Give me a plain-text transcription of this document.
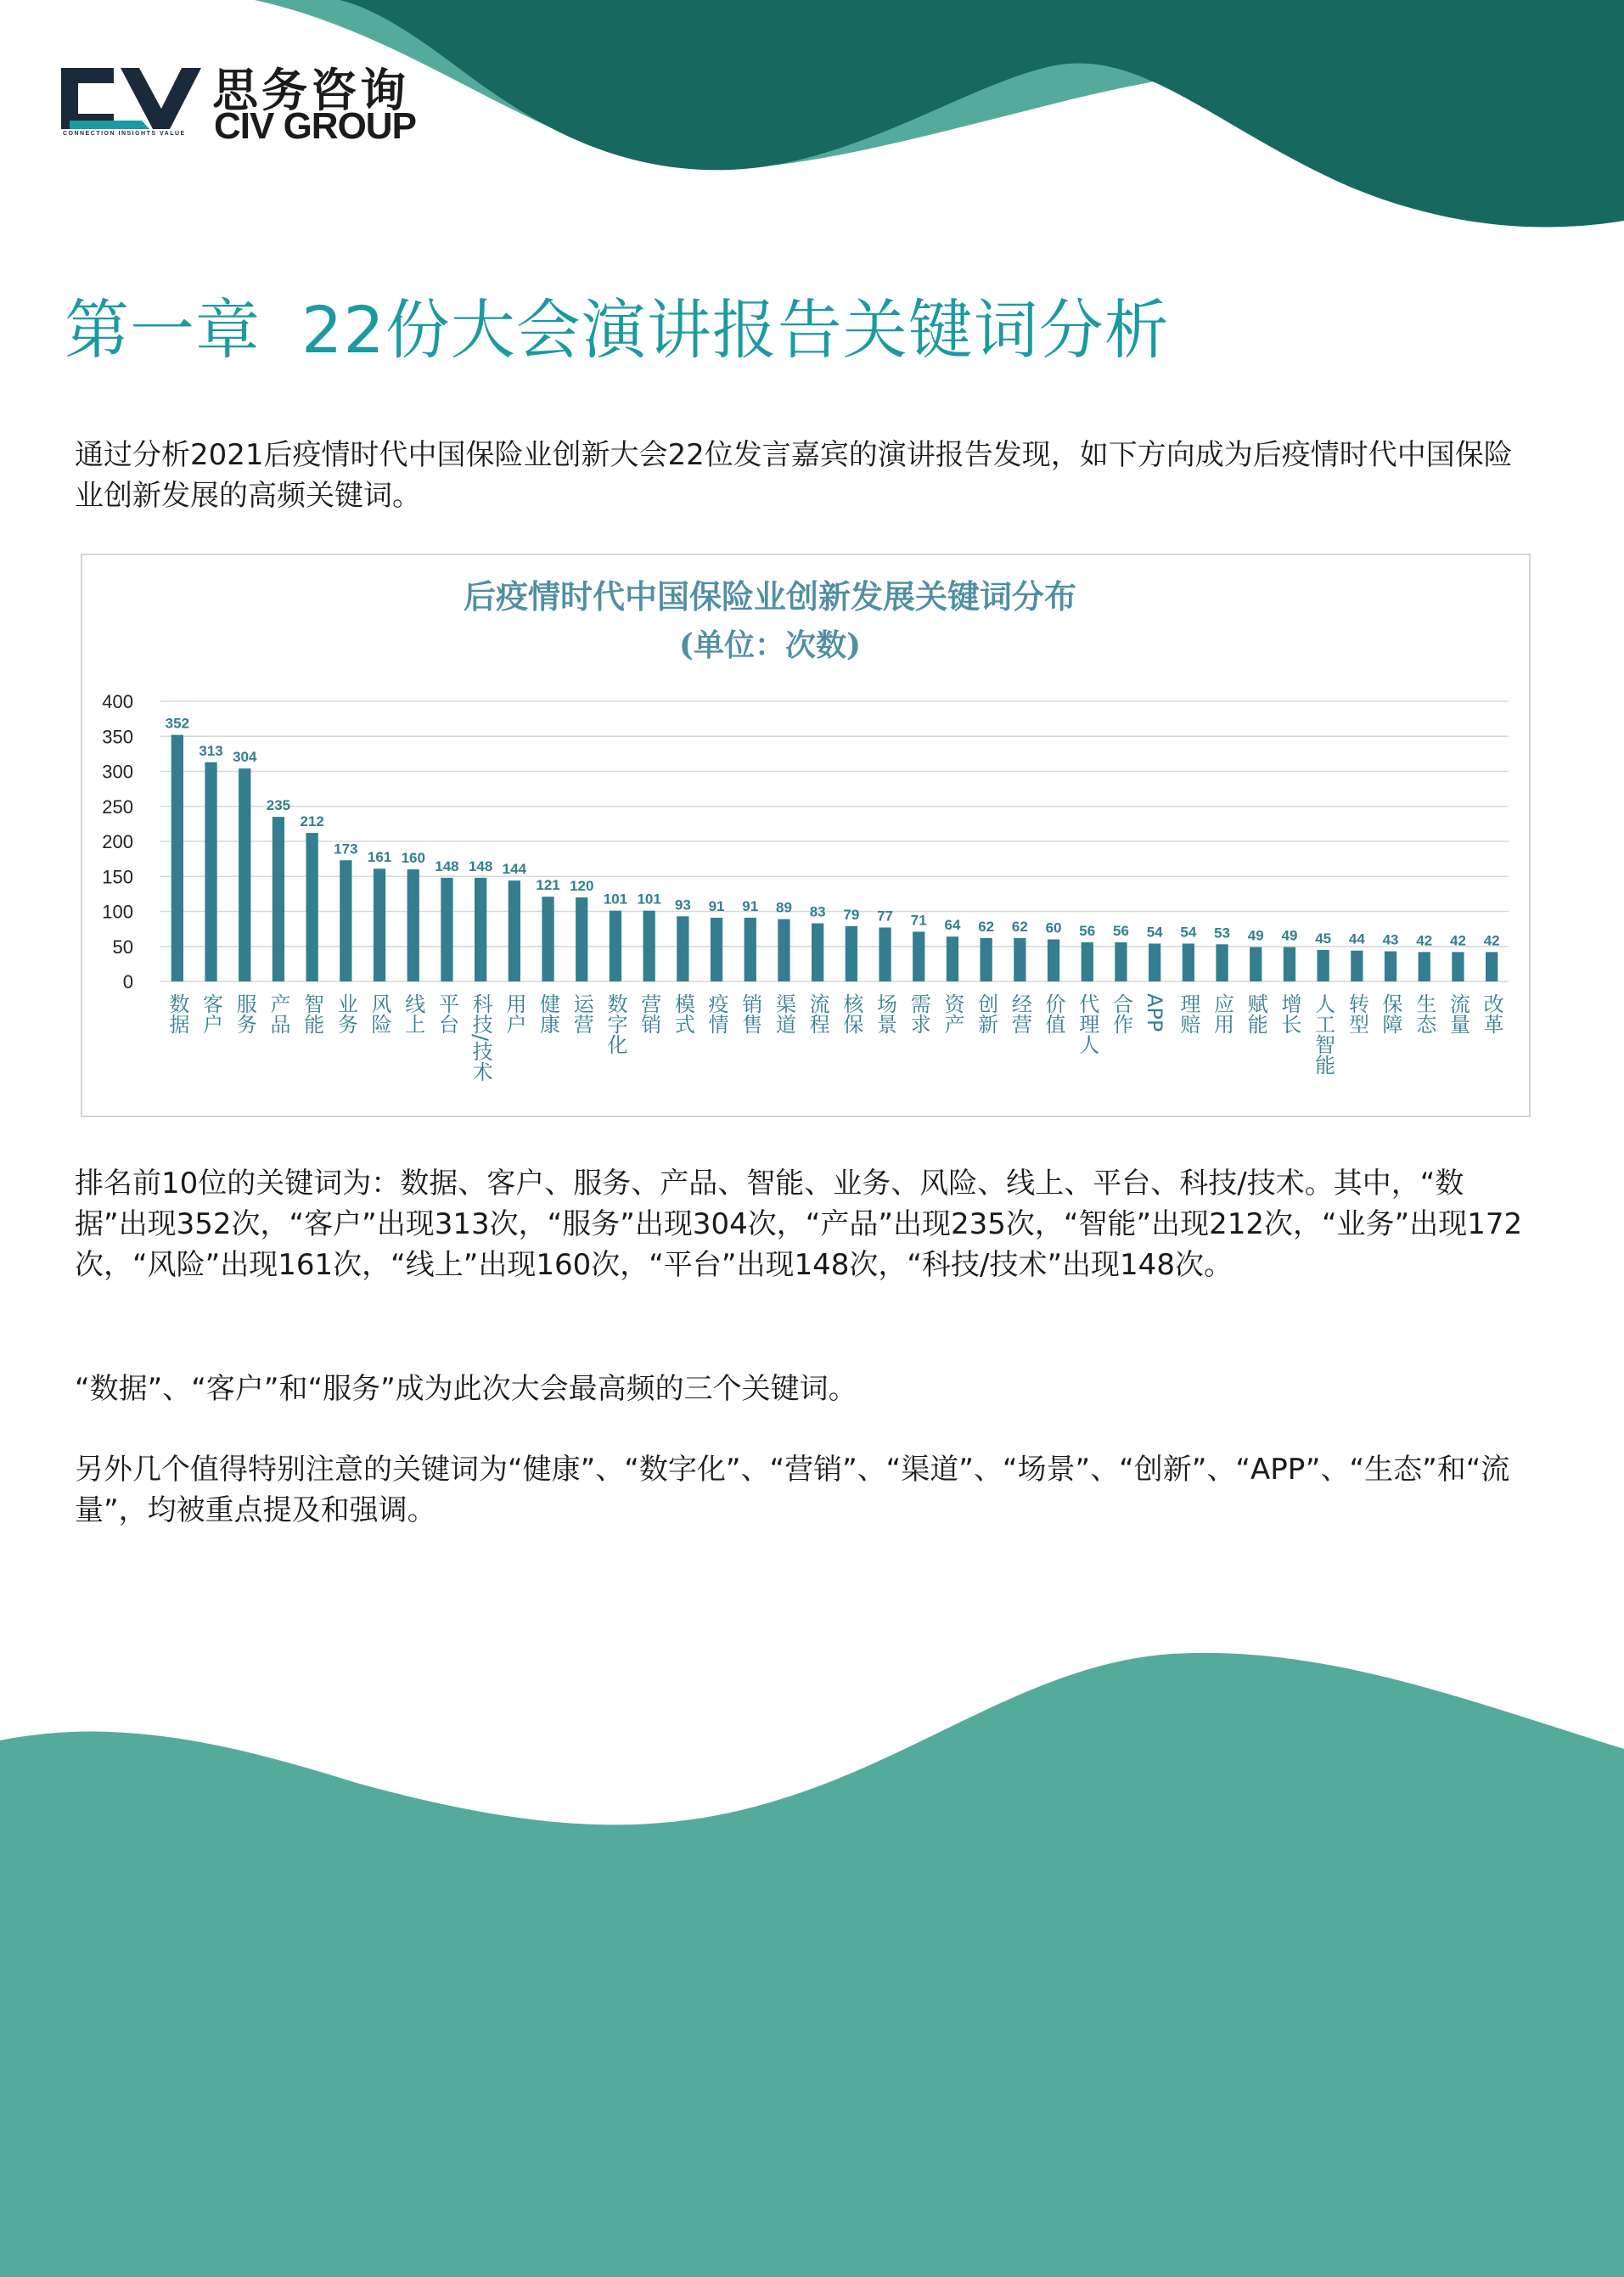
CONNECTION INSIGHTS VALUE
思务咨询
CIV GROUP
第一章 22份大会演讲报告关键词分析
通过分析2021后疫情时代中国保险业创新大会22位发言嘉宾的演讲报告发现，如下方向成为后疫情时代中国保险业创新发展的高频关键词。
后疫情时代中国保险业创新发展关键词分布
(单位：次数)
0
50
100
150
200
250
300
350
400
352
数据
313
客户
304
服务
235
产品
212
智能
173
业务
161
风险
160
线上
148
平台
148
科技/技术
144
用户
121
健康
120
运营
101
数字化
101
营销
93
模式
91
疫情
91
销售
89
渠道
83
流程
79
核保
77
场景
71
需求
64
资产
62
创新
62
经营
60
价值
56
代理人
56
合作
54
APP
54
理赔
53
应用
49
赋能
49
增长
45
人工智能
44
转型
43
保障
42
生态
42
流量
42
改革
排名前10位的关键词为：数据、客户、服务、产品、智能、业务、风险、线上、平台、科技/技术。其中，“数据”出现352次，“客户”出现313次，“服务”出现304次，“产品”出现235次，“智能”出现212次，“业务”出现172次，“风险”出现161次，“线上”出现160次，“平台”出现148次，“科技/技术”出现148次。
“数据”、“客户”和“服务”成为此次大会最高频的三个关键词。
另外几个值得特别注意的关键词为“健康”、“数字化”、“营销”、“渠道”、“场景”、“创新”、“APP”、“生态”和“流量”，均被重点提及和强调。
